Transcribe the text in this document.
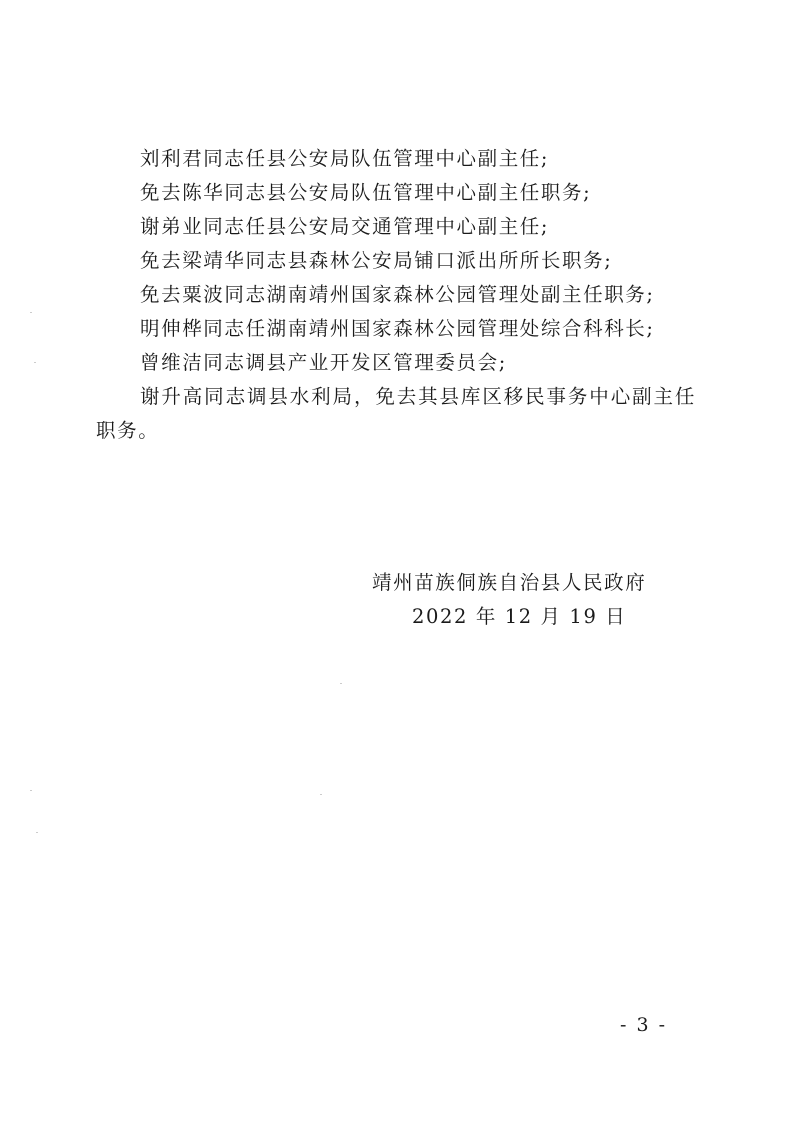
刘利君同志任县公安局队伍管理中心副主任;

免去陈华同志县公安局队伍管理中心副主任职务;

谢弟业同志任县公安局交通管理中心副主任;

免去梁靖华同志县森林公安局铺口派出所所长职务;

免去粟波同志湖南靖州国家森林公园管理处副主任职务;

明伸桦同志任湖南靖州国家森林公园管理处综合科科长;

曾维洁同志调县产业开发区管理委员会;

谢升高同志调县水利局，免去其县库区移民事务中心副主任职务。

靖州苗族侗族自治县人民政府
2022 年 12 月 19 日
- 3 -
